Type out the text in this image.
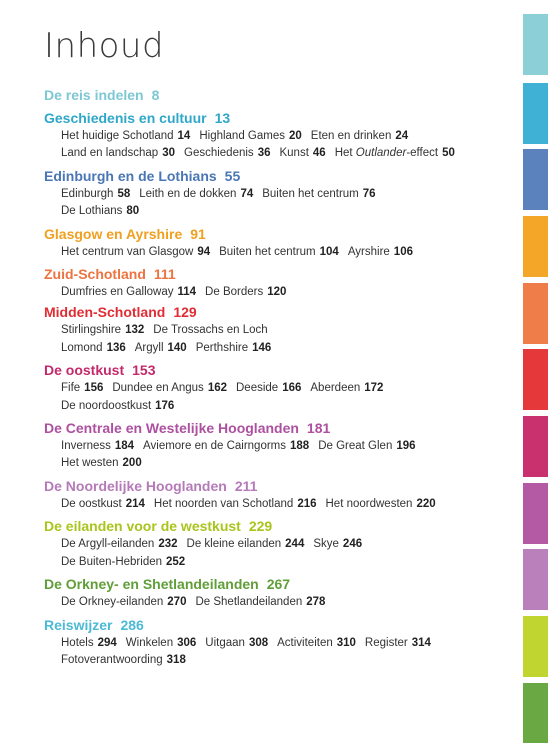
Inhoud
De reis indelen 8
Geschiedenis en cultuur 13
Het huidige Schotland 14 Highland Games 20 Eten en drinken 24
Land en landschap 30 Geschiedenis 36 Kunst 46 Het Outlander-effect 50
Edinburgh en de Lothians 55
Edinburgh 58 Leith en de dokken 74 Buiten het centrum 76
De Lothians 80
Glasgow en Ayrshire 91
Het centrum van Glasgow 94 Buiten het centrum 104 Ayrshire 106
Zuid-Schotland 111
Dumfries en Galloway 114 De Borders 120
Midden-Schotland 129
Stirlingshire 132 De Trossachs en Loch
Lomond 136 Argyll 140 Perthshire 146
De oostkust 153
Fife 156 Dundee en Angus 162 Deeside 166 Aberdeen 172
De noordoostkust 176
De Centrale en Westelijke Hooglanden 181
Inverness 184 Aviemore en de Cairngorms 188 De Great Glen 196
Het westen 200
De Noordelijke Hooglanden 211
De oostkust 214 Het noorden van Schotland 216 Het noordwesten 220
De eilanden voor de westkust 229
De Argyll-eilanden 232 De kleine eilanden 244 Skye 246
De Buiten-Hebriden 252
De Orkney- en Shetlandeilanden 267
De Orkney-eilanden 270 De Shetlandeilanden 278
Reiswijzer 286
Hotels 294 Winkelen 306 Uitgaan 308 Activiteiten 310 Register 314
Fotoverantwoording 318
